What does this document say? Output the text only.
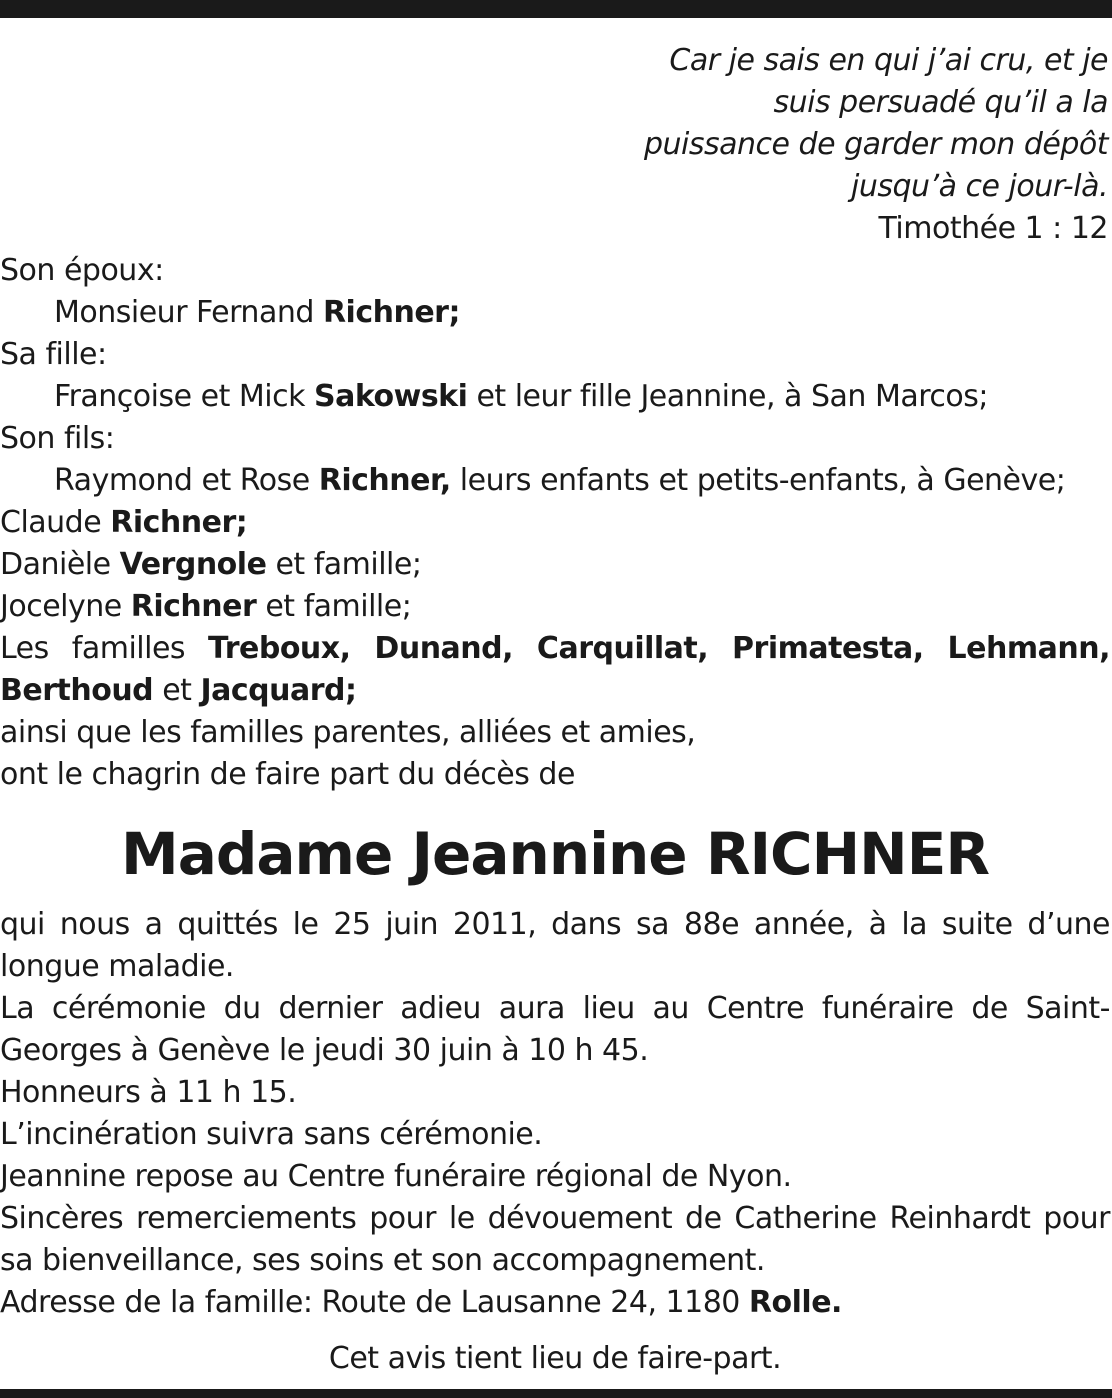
Car je sais en qui j’ai cru, et je
suis persuadé qu’il a la
puissance de garder mon dépôt
jusqu’à ce jour-là.
Timothée 1 : 12
Son époux:
Monsieur Fernand Richner;
Sa fille:
Françoise et Mick Sakowski et leur fille Jeannine, à San Marcos;
Son fils:
Raymond et Rose Richner, leurs enfants et petits-enfants, à Genève;
Claude Richner;
Danièle Vergnole et famille;
Jocelyne Richner et famille;
Les familles Treboux, Dunand, Carquillat, Primatesta, Lehmann, Berthoud et Jacquard;
ainsi que les familles parentes, alliées et amies,
ont le chagrin de faire part du décès de
Madame Jeannine RICHNER
qui nous a quittés le 25 juin 2011, dans sa 88e année, à la suite d’une longue maladie.
La cérémonie du dernier adieu aura lieu au Centre funéraire de Saint-Georges à Genève le jeudi 30 juin à 10 h 45.
Honneurs à 11 h 15.
L’incinération suivra sans cérémonie.
Jeannine repose au Centre funéraire régional de Nyon.
Sincères remerciements pour le dévouement de Catherine Reinhardt pour sa bienveillance, ses soins et son accompagnement.
Adresse de la famille: Route de Lausanne 24, 1180 Rolle.
Cet avis tient lieu de faire-part.
